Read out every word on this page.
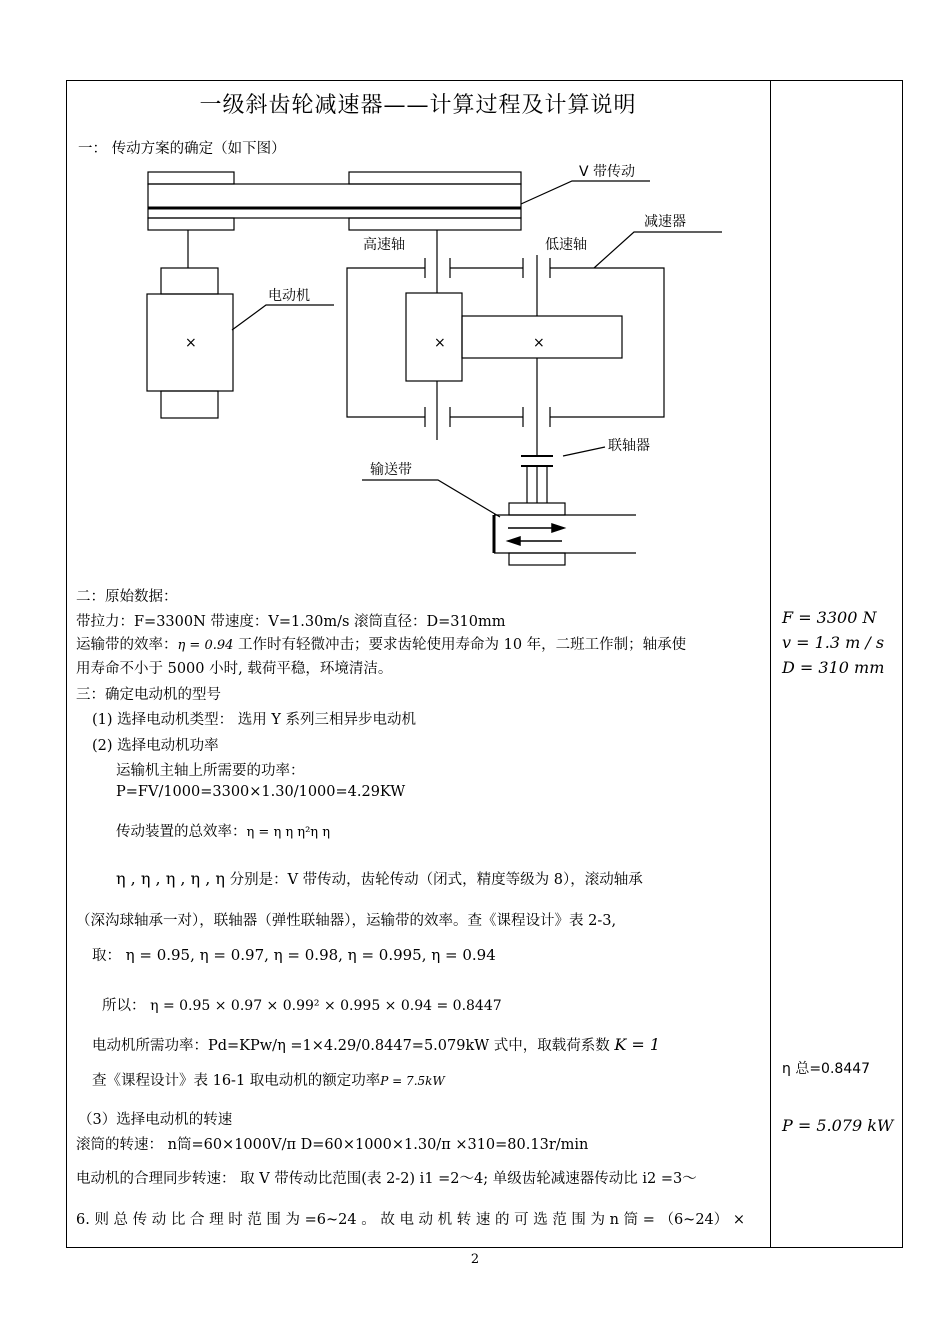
一级斜齿轮减速器——计算过程及计算说明
一： 传动方案的确定（如下图）
V 带传动
减速器
高速轴	低速轴
电动机
联轴器
输送带
×	×	×
二：原始数据：
带拉力：F=3300N 带速度：V=1.30m/s 滚筒直径：D=310mm
运输带的效率：η = 0.94 工作时有轻微冲击；要求齿轮使用寿命为 10 年，二班工作制；轴承使
用寿命不小于 5000 小时, 载荷平稳，环境清洁。
三：确定电动机的型号
(1) 选择电动机类型： 选用 Y 系列三相异步电动机
(2) 选择电动机功率
运输机主轴上所需要的功率：
P=FV/1000=3300×1.30/1000=4.29KW
传动装置的总效率：η = η η η²η η
η , η , η , η , η 分别是：V 带传动，齿轮传动（闭式，精度等级为 8），滚动轴承
（深沟球轴承一对），联轴器（弹性联轴器），运输带的效率。查《课程设计》表 2-3,
取： η = 0.95, η = 0.97, η = 0.98, η = 0.995, η = 0.94
所以： η = 0.95 × 0.97 × 0.99² × 0.995 × 0.94 = 0.8447
电动机所需功率：Pd=KPw/η =1×4.29/0.8447=5.079kW 式中，取载荷系数 K = 1
查《课程设计》表 16-1 取电动机的额定功率P = 7.5kW
（3）选择电动机的转速
滚筒的转速： n筒=60×1000V/π D=60×1000×1.30/π ×310=80.13r/min
电动机的合理同步转速： 取 V 带传动比范围(表 2-2) i1 =2～4; 单级齿轮减速器传动比 i2 =3～
6. 则 总 传 动 比 合 理 时 范 围 为 =6~24 。 故 电 动 机 转 速 的 可 选 范 围 为 n 筒 = （6~24） ×
F = 3300 N
v = 1.3 m / s
D = 310 mm
η 总=0.8447
P = 5.079 kW
2
